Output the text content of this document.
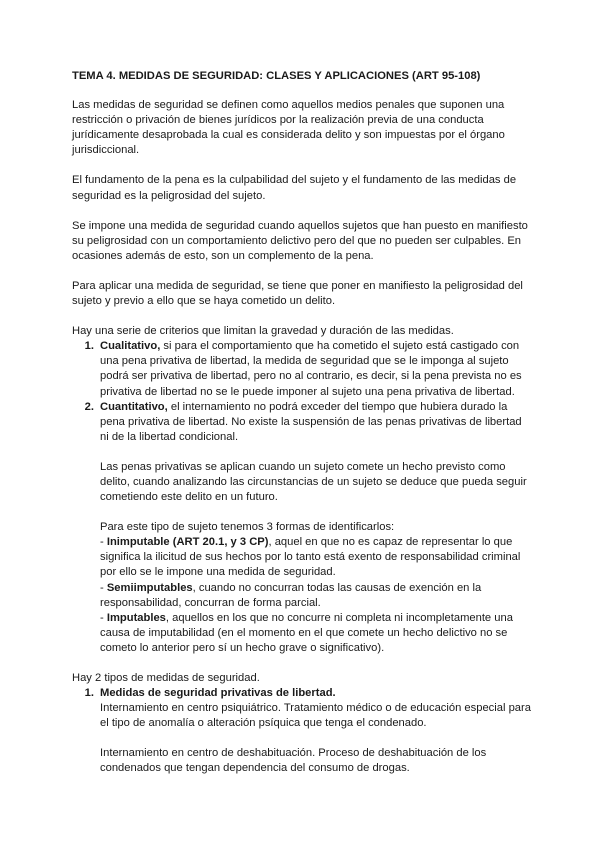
TEMA 4. MEDIDAS DE SEGURIDAD: CLASES Y APLICACIONES (ART 95-108)

Las medidas de seguridad se definen como aquellos medios penales que suponen una restricción o privación de bienes jurídicos por la realización previa de una conducta jurídicamente desaprobada la cual es considerada delito y son impuestas por el órgano jurisdiccional.

El fundamento de la pena es la culpabilidad del sujeto y el fundamento de las medidas de seguridad es la peligrosidad del sujeto.

Se impone una medida de seguridad cuando aquellos sujetos que han puesto en manifiesto su peligrosidad con un comportamiento delictivo pero del que no pueden ser culpables. En ocasiones además de esto, son un complemento de la pena.

Para aplicar una medida de seguridad, se tiene que poner en manifiesto la peligrosidad del sujeto y previo a ello que se haya cometido un delito.

Hay una serie de criterios que limitan la gravedad y duración de las medidas.

1. Cualitativo, si para el comportamiento que ha cometido el sujeto está castigado con una pena privativa de libertad, la medida de seguridad que se le imponga al sujeto podrá ser privativa de libertad, pero no al contrario, es decir, si la pena prevista no es privativa de libertad no se le puede imponer al sujeto una pena privativa de libertad.
2. Cuantitativo, el internamiento no podrá exceder del tiempo que hubiera durado la pena privativa de libertad. No existe la suspensión de las penas privativas de libertad ni de la libertad condicional.

Las penas privativas se aplican cuando un sujeto comete un hecho previsto como delito, cuando analizando las circunstancias de un sujeto se deduce que pueda seguir cometiendo este delito en un futuro.

Para este tipo de sujeto tenemos 3 formas de identificarlos:
- Inimputable (ART 20.1, y 3 CP), aquel en que no es capaz de representar lo que significa la ilicitud de sus hechos por lo tanto está exento de responsabilidad criminal por ello se le impone una medida de seguridad.
- Semiimputables, cuando no concurran todas las causas de exención en la responsabilidad, concurran de forma parcial.
- Imputables, aquellos en los que no concurre ni completa ni incompletamente una causa de imputabilidad (en el momento en el que comete un hecho delictivo no se cometo lo anterior pero sí un hecho grave o significativo).

Hay 2 tipos de medidas de seguridad.

1. Medidas de seguridad privativas de libertad.
Internamiento en centro psiquiátrico. Tratamiento médico o de educación especial para el tipo de anomalía o alteración psíquica que tenga el condenado.
Internamiento en centro de deshabituación. Proceso de deshabituación de los condenados que tengan dependencia del consumo de drogas.
